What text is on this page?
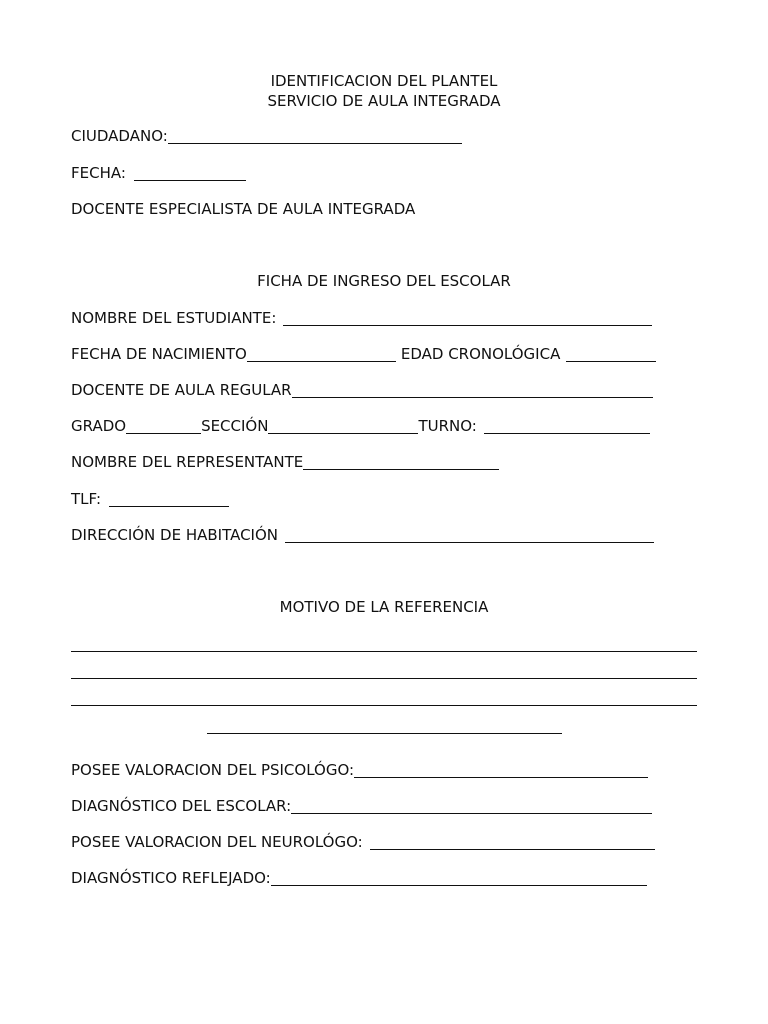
IDENTIFICACION DEL PLANTEL
SERVICIO DE AULA INTEGRADA
CIUDADANO:
FECHA:
DOCENTE ESPECIALISTA DE AULA INTEGRADA
FICHA DE INGRESO DEL ESCOLAR
NOMBRE DEL ESTUDIANTE:
FECHA DE NACIMIENTO	EDAD CRONOLÓGICA
DOCENTE DE AULA REGULAR
GRADO	SECCIÓN	TURNO:
NOMBRE DEL REPRESENTANTE
TLF:
DIRECCIÓN DE HABITACIÓN
MOTIVO DE LA REFERENCIA
POSEE VALORACION DEL PSICOLÓGO:
DIAGNÓSTICO DEL ESCOLAR:
POSEE VALORACION DEL NEUROLÓGO:
DIAGNÓSTICO REFLEJADO:
